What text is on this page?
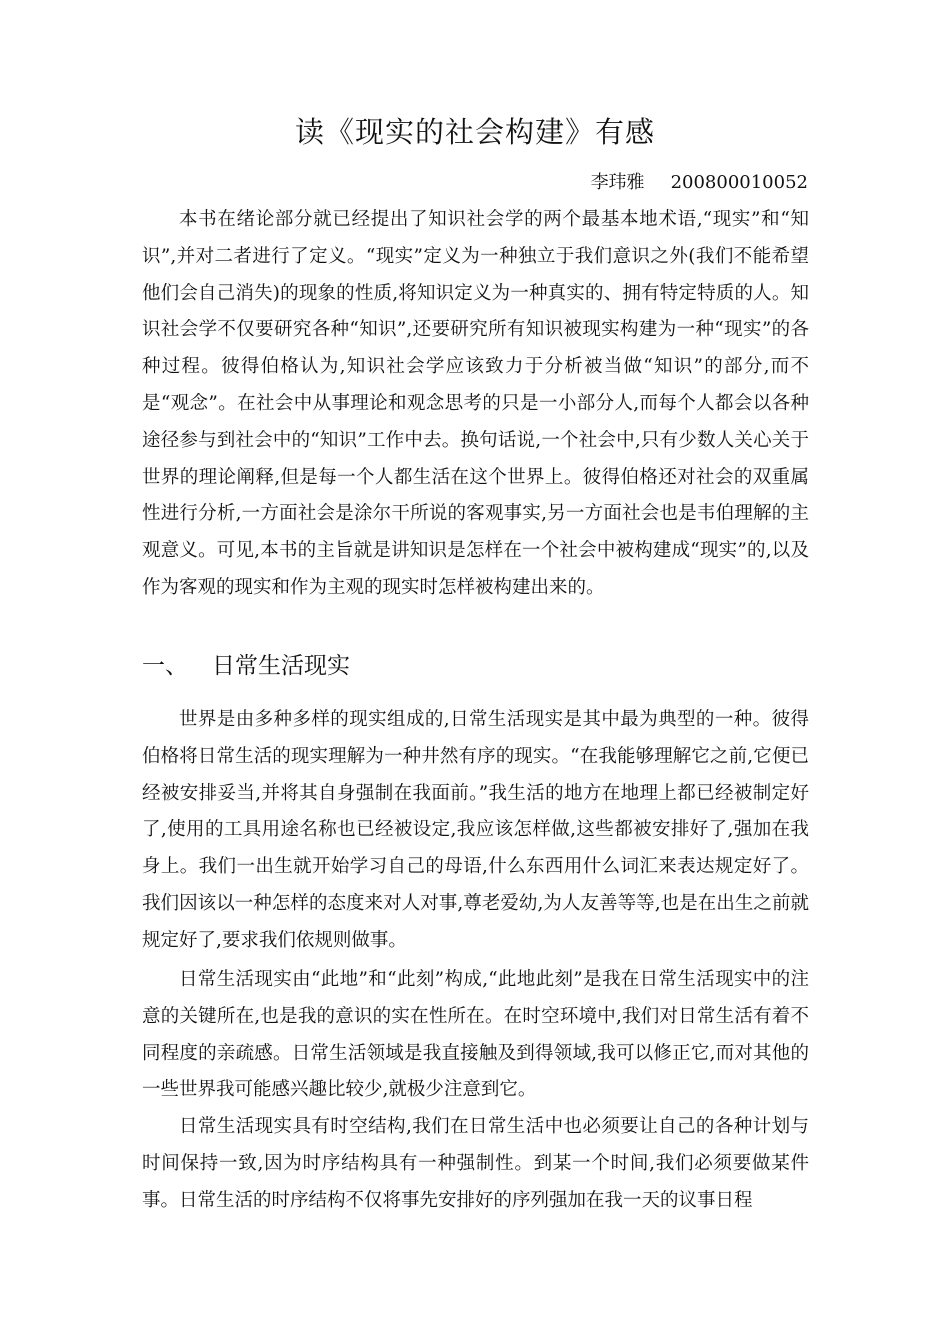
读《现实的社会构建》有感
李玮雅 200800010052

本书在绪论部分就已经提出了知识社会学的两个最基本地术语,“现实”和“知识”,并对二者进行了定义。“现实”定义为一种独立于我们意识之外(我们不能希望他们会自己消失)的现象的性质,将知识定义为一种真实的、拥有特定特质的人。知识社会学不仅要研究各种“知识”,还要研究所有知识被现实构建为一种“现实”的各种过程。彼得伯格认为,知识社会学应该致力于分析被当做“知识”的部分,而不是“观念”。在社会中从事理论和观念思考的只是一小部分人,而每个人都会以各种途径参与到社会中的“知识”工作中去。换句话说,一个社会中,只有少数人关心关于世界的理论阐释,但是每一个人都生活在这个世界上。彼得伯格还对社会的双重属性进行分析,一方面社会是涂尔干所说的客观事实,另一方面社会也是韦伯理解的主观意义。可见,本书的主旨就是讲知识是怎样在一个社会中被构建成“现实”的,以及作为客观的现实和作为主观的现实时怎样被构建出来的。

一、 日常生活现实

世界是由多种多样的现实组成的,日常生活现实是其中最为典型的一种。彼得伯格将日常生活的现实理解为一种井然有序的现实。“在我能够理解它之前,它便已经被安排妥当,并将其自身强制在我面前。”我生活的地方在地理上都已经被制定好了,使用的工具用途名称也已经被设定,我应该怎样做,这些都被安排好了,强加在我身上。我们一出生就开始学习自己的母语,什么东西用什么词汇来表达规定好了。我们因该以一种怎样的态度来对人对事,尊老爱幼,为人友善等等,也是在出生之前就规定好了,要求我们依规则做事。

日常生活现实由“此地”和“此刻”构成,“此地此刻”是我在日常生活现实中的注意的关键所在,也是我的意识的实在性所在。在时空环境中,我们对日常生活有着不同程度的亲疏感。日常生活领域是我直接触及到得领域,我可以修正它,而对其他的一些世界我可能感兴趣比较少,就极少注意到它。

日常生活现实具有时空结构,我们在日常生活中也必须要让自己的各种计划与时间保持一致,因为时序结构具有一种强制性。到某一个时间,我们必须要做某件事。日常生活的时序结构不仅将事先安排好的序列强加在我一天的议事日程
